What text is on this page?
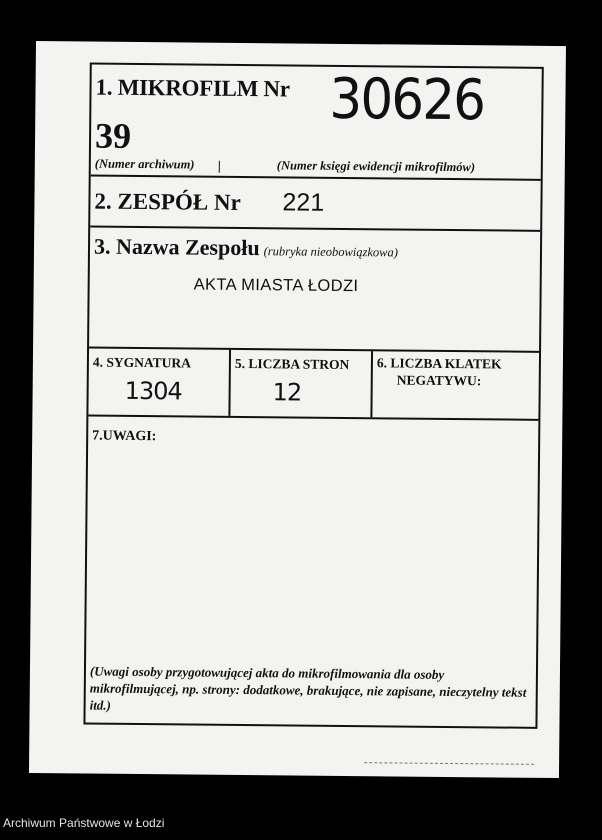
1. MIKROFILM Nr
39
30626
(Numer archiwum)	(Numer księgi ewidencji mikrofilmów)
2. ZESPÓŁ Nr 221
3. Nazwa Zespołu (rubryka nieobowiązkowa)
AKTA MIASTA ŁODZI
4. SYGNATURA
1304
5. LICZBA STRON
12
6. LICZBA KLATEK
NEGATYWU:
7.UWAGI:
(Uwagi osoby przygotowującej akta do mikrofilmowania dla osoby mikrofilmującej, np. strony: dodatkowe, brakujące, nie zapisane, nieczytelny tekst itd.)
Archiwum Państwowe w Łodzi
